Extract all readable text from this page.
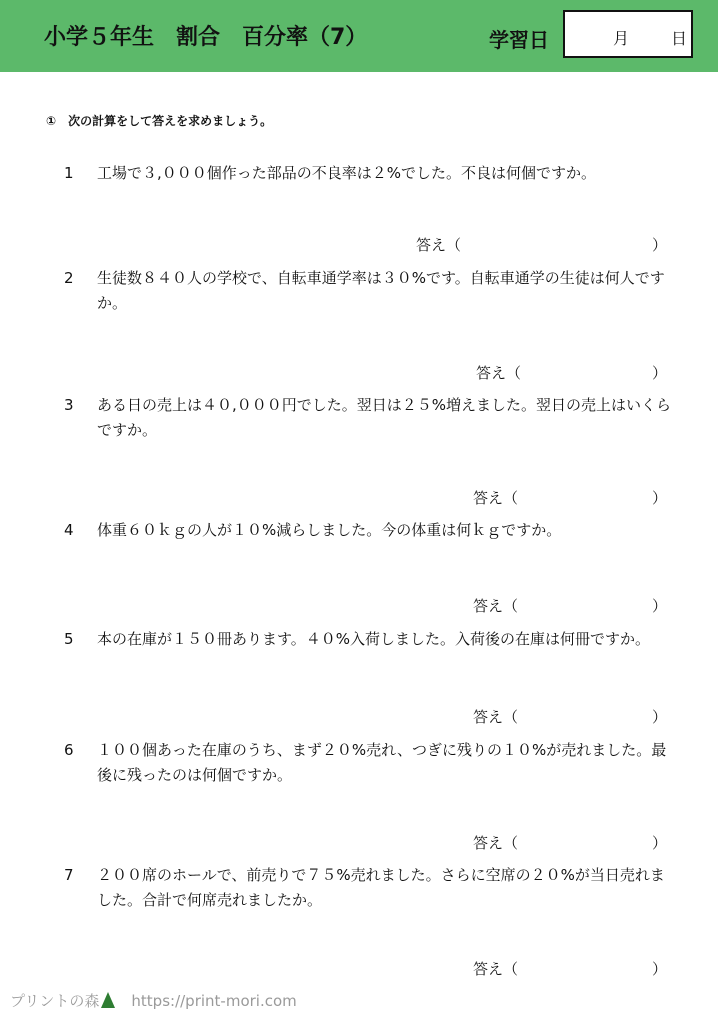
小学５年生　割合　百分率（7）	学習日	月	日
①　次の計算をして答えを求めましょう。
1 工場で３,０００個作った部品の不良率は２%でした。不良は何個ですか。
答え（	）
2 生徒数８４０人の学校で、自転車通学率は３０%です。自転車通学の生徒は何人ですか。
答え（	）
3 ある日の売上は４０,０００円でした。翌日は２５%増えました。翌日の売上はいくらですか。
答え（	）
4 体重６０ｋｇの人が１０%減らしました。今の体重は何ｋｇですか。
答え（	）
5 本の在庫が１５０冊あります。４０%入荷しました。入荷後の在庫は何冊ですか。
答え（	）
6 １００個あった在庫のうち、まず２０%売れ、つぎに残りの１０%が売れました。最後に残ったのは何個ですか。
答え（	）
7 ２００席のホールで、前売りで７５%売れました。さらに空席の２０%が当日売れました。合計で何席売れましたか。
答え（	）
プリントの森 https://print-mori.com
